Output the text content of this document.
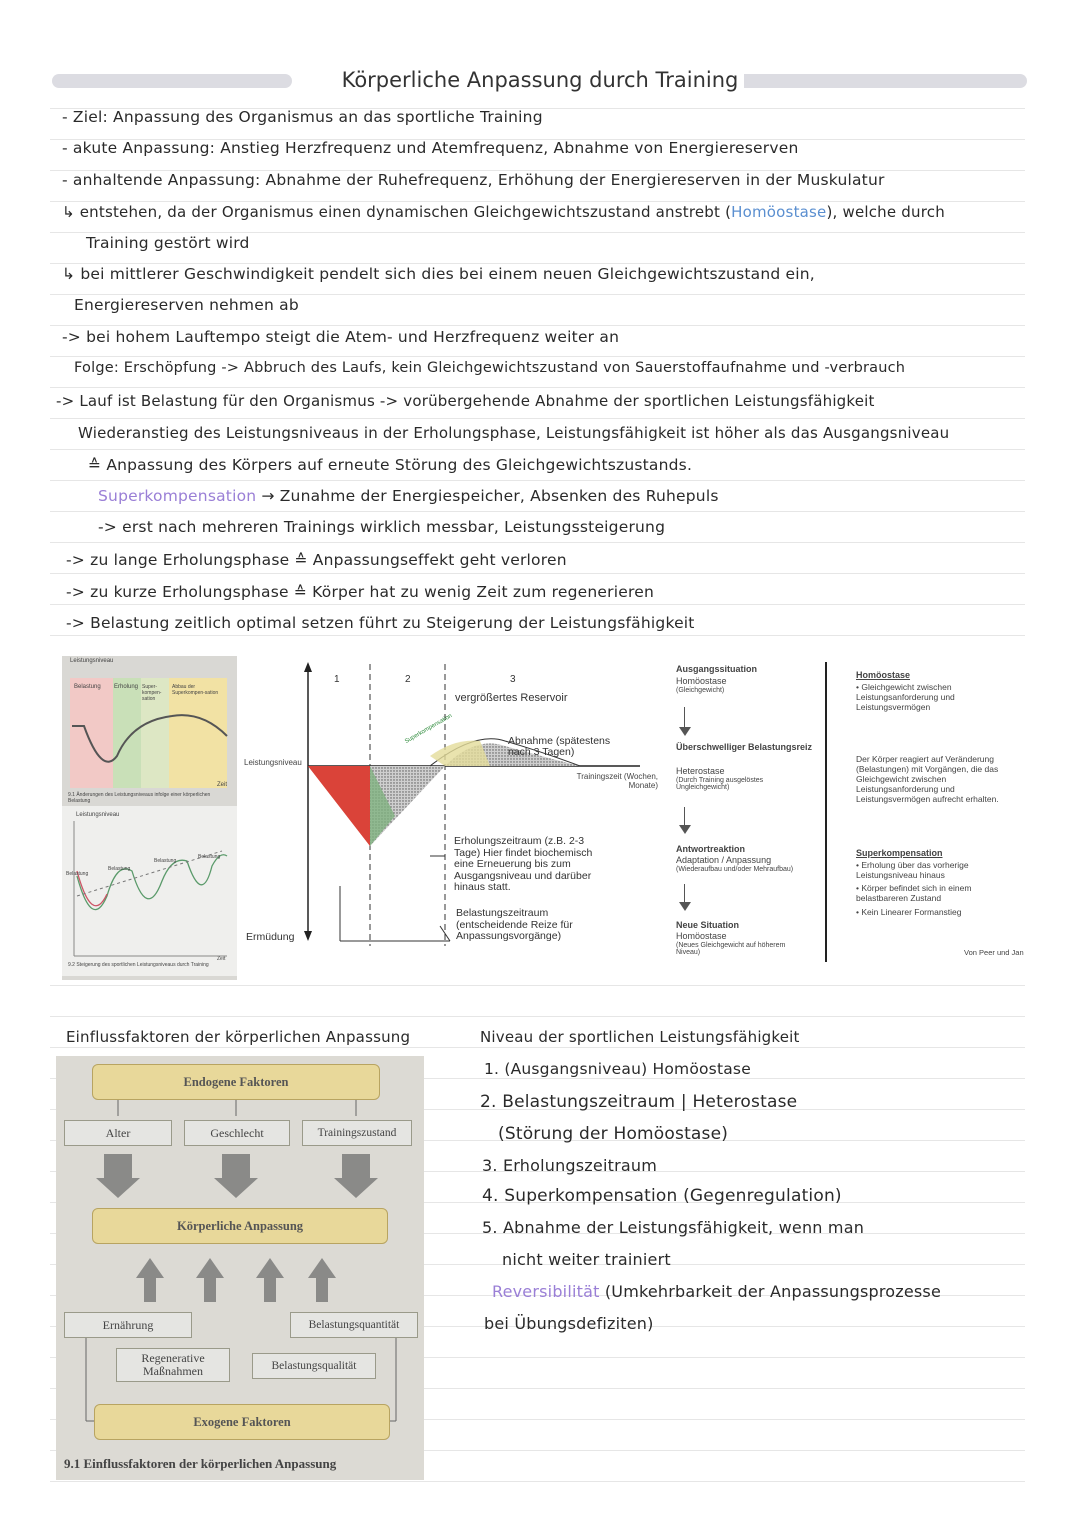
Körperliche Anpassung durch Training
- Ziel: Anpassung des Organismus an das sportliche Training
- akute Anpassung: Anstieg Herzfrequenz und Atemfrequenz, Abnahme von Energiereserven
- anhaltende Anpassung: Abnahme der Ruhefrequenz, Erhöhung der Energiereserven in der Muskulatur
↳ entstehen, da der Organismus einen dynamischen Gleichgewichtszustand anstrebt (Homöostase), welche durch
Training gestört wird
↳ bei mittlerer Geschwindigkeit pendelt sich dies bei einem neuen Gleichgewichtszustand ein,
Energiereserven nehmen ab
-> bei hohem Lauftempo steigt die Atem- und Herzfrequenz weiter an
Folge: Erschöpfung -> Abbruch des Laufs, kein Gleichgewichtszustand von Sauerstoffaufnahme und -verbrauch
-> Lauf ist Belastung für den Organismus -> vorübergehende Abnahme der sportlichen Leistungsfähigkeit
Wiederanstieg des Leistungsniveaus in der Erholungsphase, Leistungsfähigkeit ist höher als das Ausgangsniveau
≙ Anpassung des Körpers auf erneute Störung des Gleichgewichtszustands.
Superkompensation → Zunahme der Energiespeicher, Absenken des Ruhepuls
-> erst nach mehreren Trainings wirklich messbar, Leistungssteigerung
-> zu lange Erholungsphase ≙ Anpassungseffekt geht verloren
-> zu kurze Erholungsphase ≙ Körper hat zu wenig Zeit zum regenerieren
-> Belastung zeitlich optimal setzen führt zu Steigerung der Leistungsfähigkeit
Leistungsniveau
Belastung Erholung Super-kompen-sation
Abbau der Superkompen-sation
Zeit
9.1 Änderungen des Leistungsniveaus infolge einer körperlichen Belastung
Leistungsniveau
Belastung
Belastung
Belastung
Belastung
Zeit
9.2 Steigerung des sportlichen Leistungsniveaus durch Training
1	2	3
vergrößertes Reservoir
Superkompensation	Abnahme (spätestens nach 3 Tagen)
Trainingszeit (Wochen, Monate)
Leistungsniveau
Ermüdung
Erholungszeitraum (z.B. 2-3 Tage) Hier findet biochemisch eine Erneuerung bis zum Ausgangsniveau und darüber hinaus statt.
Belastungszeitraum (entscheidende Reize für Anpassungsvorgänge)
Ausgangssituation
Homöostase
(Gleichgewicht)
Überschwelliger Belastungsreiz
Heterostase
(Durch Training ausgelöstes Ungleichgewicht)
Antwortreaktion
Adaptation / Anpassung
(Wiederaufbau und/oder Mehraufbau)
Neue Situation
Homöostase
(Neues Gleichgewicht auf höherem Niveau)
Homöostase
• Gleichgewicht zwischen Leistungsanforderung und Leistungsvermögen
Der Körper reagiert auf Veränderung (Belastungen) mit Vorgängen, die das Gleichgewicht zwischen Leistungsanforderung und Leistungsvermögen aufrecht erhalten.
Superkompensation
• Erholung über das vorherige Leistungsniveau hinaus
• Körper befindet sich in einem belastbareren Zustand
• Kein Linearer Formanstieg
Von Peer und Jan
Einflussfaktoren der körperlichen Anpassung
Endogene Faktoren
Alter	Geschlecht	Trainingszustand
Körperliche Anpassung
Ernährung	Belastungsquantität
Regenerative Maßnahmen	Belastungsqualität
Exogene Faktoren
9.1 Einflussfaktoren der körperlichen Anpassung
Niveau der sportlichen Leistungsfähigkeit
1. (Ausgangsniveau) Homöostase
2. Belastungszeitraum | Heterostase
(Störung der Homöostase)
3. Erholungszeitraum
4. Superkompensation (Gegenregulation)
5. Abnahme der Leistungsfähigkeit, wenn man
nicht weiter trainiert
Reversibilität (Umkehrbarkeit der Anpassungsprozesse
bei Übungsdefiziten)
